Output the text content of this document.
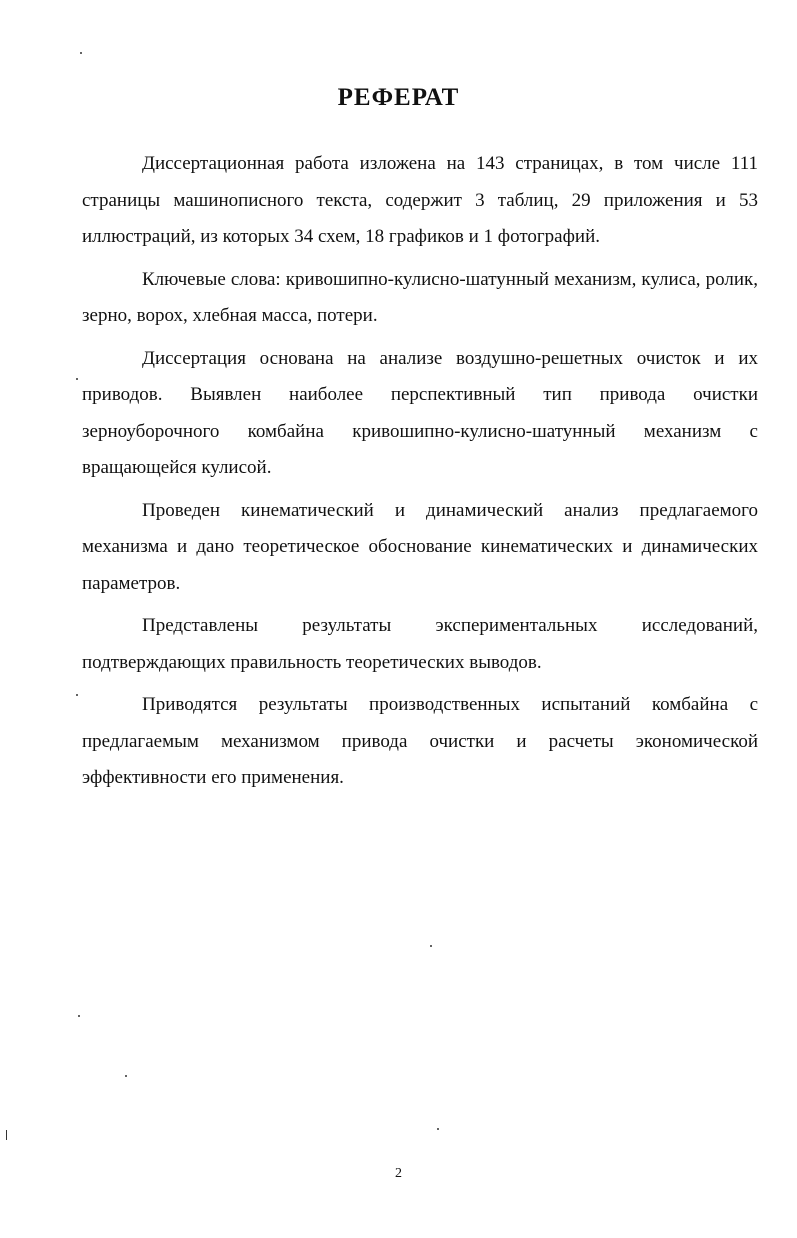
РЕФЕРАТ

Диссертационная работа изложена на 143 страницах, в том числе 111 страницы машинописного текста, содержит 3 таблиц, 29 приложения и 53 иллюстраций, из которых 34 схем, 18 графиков и 1 фотографий.

Ключевые слова: кривошипно-кулисно-шатунный механизм, кулиса, ролик, зерно, ворох, хлебная масса, потери.

Диссертация основана на анализе воздушно-решетных очисток и их приводов. Выявлен наиболее перспективный тип привода очистки зерноуборочного комбайна кривошипно-кулисно-шатунный механизм с вращающейся кулисой.

Проведен кинематический и динамический анализ предлагаемого механизма и дано теоретическое обоснование кинематических и динамических параметров.

Представлены результаты экспериментальных исследований, подтверждающих правильность теоретических выводов.

Приводятся результаты производственных испытаний комбайна с предлагаемым механизмом привода очистки и расчеты экономической эффективности его применения.

2
